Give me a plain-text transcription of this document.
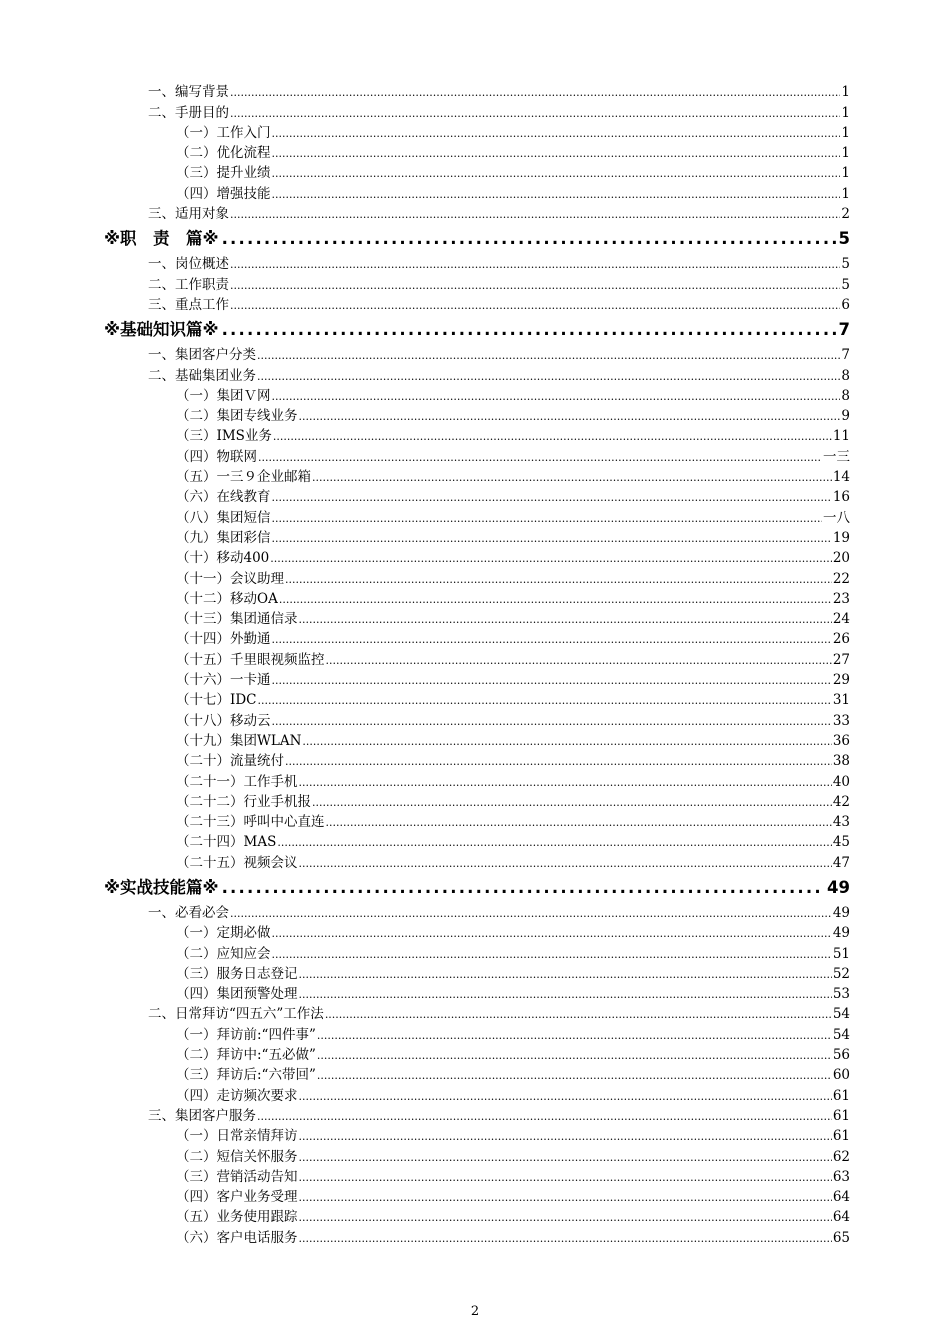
一、编写背景 .....	1
二、手册目的 .....	1
（一）工作入门 .....	1
（二）优化流程 .....	1
（三）提升业绩 .....	1
（四）增强技能 .....	1
三、适用对象 .....	2
※职　责　篇※ .....	5
一、岗位概述 .....	5
二、工作职责 .....	5
三、重点工作 .....	6
※基础知识篇※ .....	7
一、集团客户分类 .....	7
二、基础集团业务 .....	8
（一）集团Ｖ网 .....	8
（二）集团专线业务 .....	9
（三）IMS业务 .....	11
（四）物联网 .....	一三
（五）一三９企业邮箱 .....	14
（六）在线教育 .....	16
（八）集团短信 .....	一八
（九）集团彩信 .....	19
（十）移动400 .....	20
（十一）会议助理 .....	22
（十二）移动OA .....	23
（十三）集团通信录 .....	24
（十四）外勤通 .....	26
（十五）千里眼视频监控 .....	27
（十六）一卡通 .....	29
（十七）IDC .....	31
（十八）移动云 .....	33
（十九）集团WLAN .....	36
（二十）流量统付 .....	38
（二十一）工作手机 .....	40
（二十二）行业手机报 .....	42
（二十三）呼叫中心直连 .....	43
（二十四）MAS .....	45
（二十五）视频会议 .....	47
※实战技能篇※ .....	49
一、必看必会 .....	49
（一）定期必做 .....	49
（二）应知应会 .....	51
（三）服务日志登记 .....	52
（四）集团预警处理 .....	53
二、日常拜访“四五六”工作法 .....	54
（一）拜访前:“四件事” .....	54
（二）拜访中:“五必做” .....	56
（三）拜访后:“六带回” .....	60
（四）走访频次要求 .....	61
三、集团客户服务 .....	61
（一）日常亲情拜访 .....	61
（二）短信关怀服务 .....	62
（三）营销活动告知 .....	63
（四）客户业务受理 .....	64
（五）业务使用跟踪 .....	64
（六）客户电话服务 .....	65
2
